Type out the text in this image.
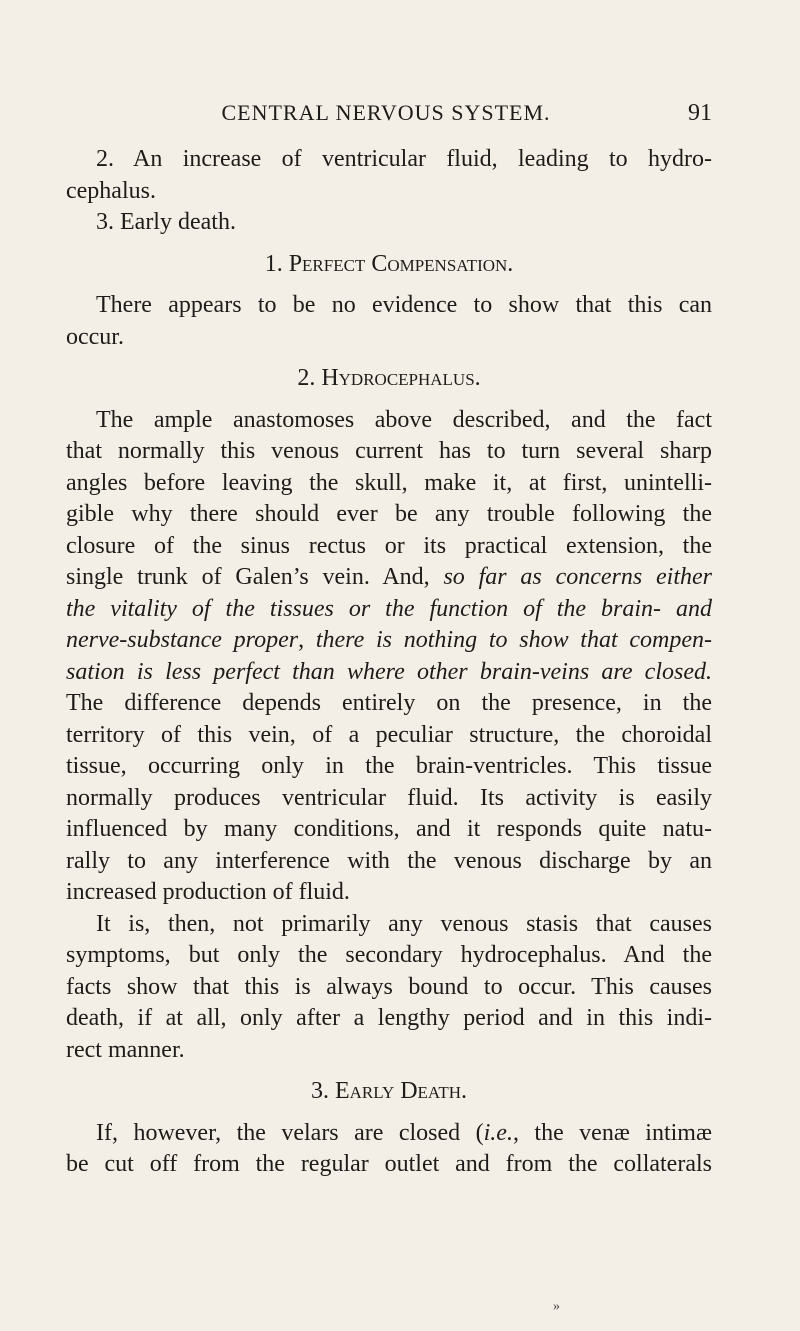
CENTRAL NERVOUS SYSTEM.	91

2. An increase of ventricular fluid, leading to hydro-
cephalus.

3. Early death.

1. Perfect Compensation.

There appears to be no evidence to show that this can
occur.

2. Hydrocephalus.

The ample anastomoses above described, and the fact
that normally this venous current has to turn several sharp
angles before leaving the skull, make it, at first, unintelli-
gible why there should ever be any trouble following the
closure of the sinus rectus or its practical extension, the
single trunk of Galen’s vein. And, so far as concerns either
the vitality of the tissues or the function of the brain- and
nerve-substance proper, there is nothing to show that compen-
sation is less perfect than where other brain-veins are closed.
The difference depends entirely on the presence, in the
territory of this vein, of a peculiar structure, the choroidal
tissue, occurring only in the brain-ventricles. This tissue
normally produces ventricular fluid. Its activity is easily
influenced by many conditions, and it responds quite natu-
rally to any interference with the venous discharge by an
increased production of fluid.

It is, then, not primarily any venous stasis that causes
symptoms, but only the secondary hydrocephalus. And the
facts show that this is always bound to occur. This causes
death, if at all, only after a lengthy period and in this indi-
rect manner.

3. Early Death.

If, however, the velars are closed (i.e., the venæ intimæ
be cut off from the regular outlet and from the collaterals

»
